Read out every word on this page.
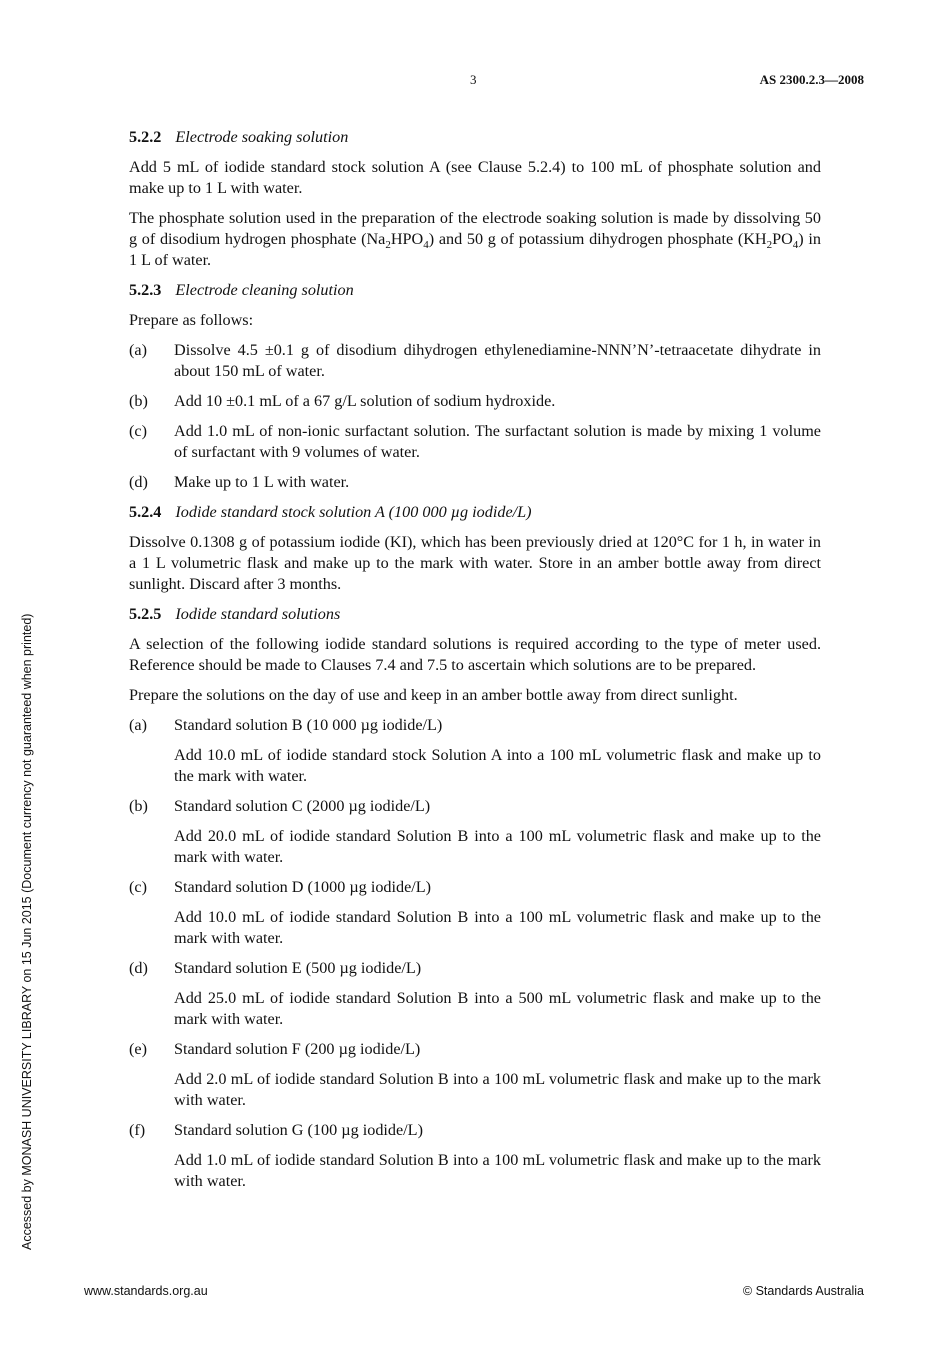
3	AS 2300.2.3—2008
Accessed by MONASH UNIVERSITY LIBRARY on 15 Jun 2015 (Document currency not guaranteed when printed)
5.2.2 Electrode soaking solution

Add 5 mL of iodide standard stock solution A (see Clause 5.2.4) to 100 mL of phosphate solution and make up to 1 L with water.

The phosphate solution used in the preparation of the electrode soaking solution is made by dissolving 50 g of disodium hydrogen phosphate $(Na_2HPO_4)$ and 50 g of potassium dihydrogen phosphate $(KH_2PO_4)$ in 1 L of water.

5.2.3 Electrode cleaning solution

Prepare as follows:

(a) Dissolve 4.5 ±0.1 g of disodium dihydrogen ethylenediamine-NNN’N’-tetraacetate dihydrate in about 150 mL of water.
(b) Add 10 ±0.1 mL of a 67 g/L solution of sodium hydroxide.
(c) Add 1.0 mL of non-ionic surfactant solution. The surfactant solution is made by mixing 1 volume of surfactant with 9 volumes of water.
(d) Make up to 1 L with water.
5.2.4 Iodide standard stock solution A (100 000 µg iodide/L)

Dissolve 0.1308 g of potassium iodide (KI), which has been previously dried at 120°C for 1 h, in water in a 1 L volumetric flask and make up to the mark with water. Store in an amber bottle away from direct sunlight. Discard after 3 months.

5.2.5 Iodide standard solutions

A selection of the following iodide standard solutions is required according to the type of meter used. Reference should be made to Clauses 7.4 and 7.5 to ascertain which solutions are to be prepared.

Prepare the solutions on the day of use and keep in an amber bottle away from direct sunlight.

(a) Standard solution B (10 000 µg iodide/L)
Add 10.0 mL of iodide standard stock Solution A into a 100 mL volumetric flask and make up to the mark with water.
(b) Standard solution C (2000 µg iodide/L)
Add 20.0 mL of iodide standard Solution B into a 100 mL volumetric flask and make up to the mark with water.
(c) Standard solution D (1000 µg iodide/L)
Add 10.0 mL of iodide standard Solution B into a 100 mL volumetric flask and make up to the mark with water.
(d) Standard solution E (500 µg iodide/L)
Add 25.0 mL of iodide standard Solution B into a 500 mL volumetric flask and make up to the mark with water.
(e) Standard solution F (200 µg iodide/L)
Add 2.0 mL of iodide standard Solution B into a 100 mL volumetric flask and make up to the mark with water.
(f) Standard solution G (100 µg iodide/L)
Add 1.0 mL of iodide standard Solution B into a 100 mL volumetric flask and make up to the mark with water.
www.standards.org.au	© Standards Australia
